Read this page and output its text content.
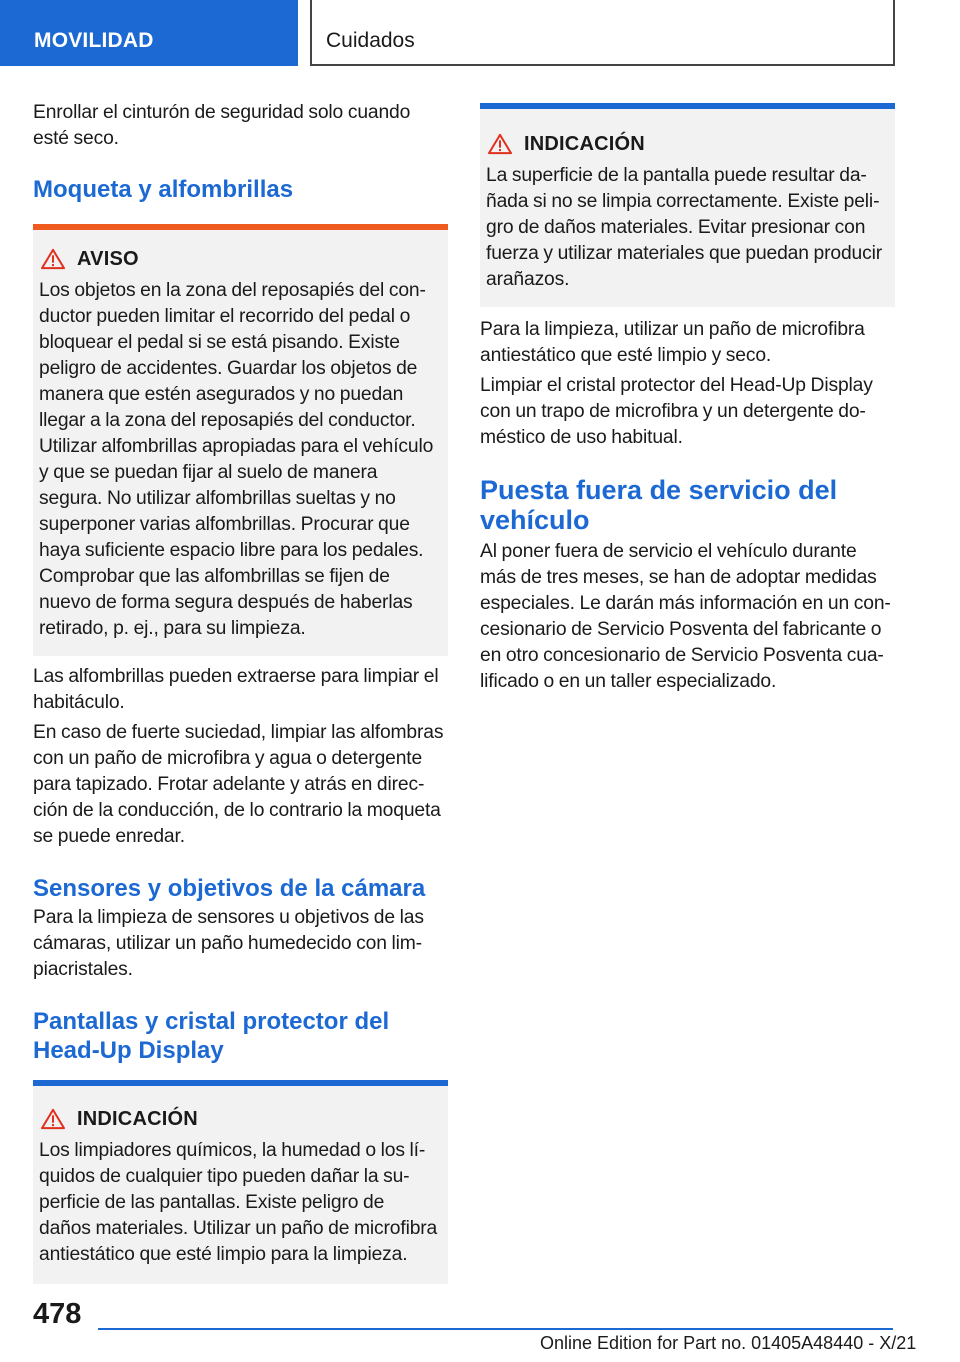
MOVILIDAD	Cuidados

Enrollar el cinturón de seguridad solo cuando esté seco.

Moqueta y alfombrillas
AVISO

Los objetos en la zona del reposapiés del conductor pueden limitar el recorrido del pedal o bloquear el pedal si se está pisando. Existe peligro de accidentes. Guardar los objetos de manera que estén asegurados y no puedan llegar a la zona del reposapiés del conductor. Utilizar alfombrillas apropiadas para el vehículo y que se puedan fijar al suelo de manera segura. No utilizar alfombrillas sueltas y no superponer varias alfombrillas. Procurar que haya suficiente espacio libre para los pedales. Comprobar que las alfombrillas se fijen de nuevo de forma segura después de haberlas retirado, p. ej., para su limpieza.

Las alfombrillas pueden extraerse para limpiar el habitáculo.

En caso de fuerte suciedad, limpiar las alfombras con un paño de microfibra y agua o detergente para tapizado. Frotar adelante y atrás en dirección de la conducción, de lo contrario la moqueta se puede enredar.

Sensores y objetivos de la cámara

Para la limpieza de sensores u objetivos de las cámaras, utilizar un paño humedecido con limpiacristales.

Pantallas y cristal protector del Head-Up Display
INDICACIÓN

Los limpiadores químicos, la humedad o los líquidos de cualquier tipo pueden dañar la superficie de las pantallas. Existe peligro de daños materiales. Utilizar un paño de microfibra antiestático que esté limpio para la limpieza.

INDICACIÓN

La superficie de la pantalla puede resultar dañada si no se limpia correctamente. Existe peligro de daños materiales. Evitar presionar con fuerza y utilizar materiales que puedan producir arañazos.

Para la limpieza, utilizar un paño de microfibra antiestático que esté limpio y seco.

Limpiar el cristal protector del Head-Up Display con un trapo de microfibra y un detergente doméstico de uso habitual.

Puesta fuera de servicio del vehículo

Al poner fuera de servicio el vehículo durante más de tres meses, se han de adoptar medidas especiales. Le darán más información en un concesionario de Servicio Posventa del fabricante o en otro concesionario de Servicio Posventa cualificado o en un taller especializado.

478
Online Edition for Part no. 01405A48440 - X/21
